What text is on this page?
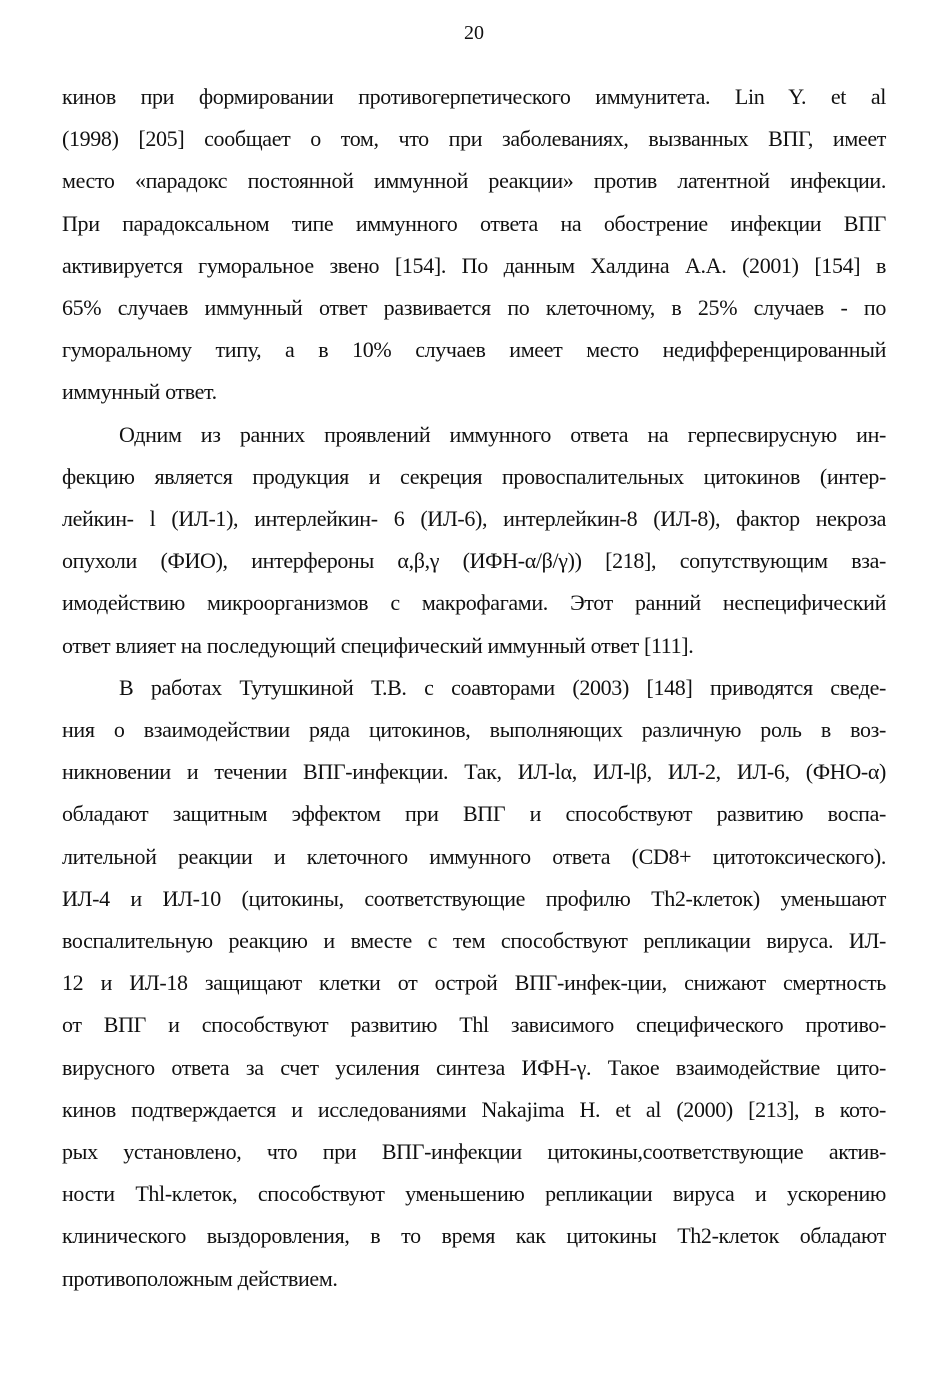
20

кинов при формировании противогерпетического иммунитета. Lin Y. et al
(1998) [205] сообщает о том, что при заболеваниях, вызванных ВПГ, имеет
место «парадокс постоянной иммунной реакции» против латентной инфекции.
При парадоксальном типе иммунного ответа на обострение инфекции ВПГ
активируется гуморальное звено [154]. По данным Халдина А.А. (2001) [154] в
65% случаев иммунный ответ развивается по клеточному, в 25% случаев - по
гуморальному типу, а в 10% случаев имеет место недифференцированный
иммунный ответ.

Одним из ранних проявлений иммунного ответа на герпесвирусную ин-
фекцию является продукция и секреция провоспалительных цитокинов (интер-
лейкин- l (ИЛ-1), интерлейкин- 6 (ИЛ-6), интерлейкин-8 (ИЛ-8), фактор некроза
опухоли (ФИО), интерфероны α,β,γ (ИФН-α/β/γ)) [218], сопутствующим вза-
имодействию микроорганизмов с макрофагами. Этот ранний неспецифический
ответ влияет на последующий специфический иммунный ответ [111].

В работах Тутушкиной Т.В. с соавторами (2003) [148] приводятся сведе-
ния о взаимодействии ряда цитокинов, выполняющих различную роль в воз-
никновении и течении ВПГ-инфекции. Так, ИЛ-lα, ИЛ-lβ, ИЛ-2, ИЛ-6, (ФНО-α)
обладают защитным эффектом при ВПГ и способствуют развитию воспа-
лительной реакции и клеточного иммунного ответа (CD8+ цитотоксического).
ИЛ-4 и ИЛ-10 (цитокины, соответствующие профилю Th2-клеток) уменьшают
воспалительную реакцию и вместе с тем способствуют репликации вируса. ИЛ-
12 и ИЛ-18 защищают клетки от острой ВПГ-инфек-ции, снижают смертность
от ВПГ и способствуют развитию Thl зависимого специфического противо-
вирусного ответа за счет усиления синтеза ИФН-γ. Такое взаимодействие цито-
кинов подтверждается и исследованиями Nakajima H. et al (2000) [213], в кото-
рых установлено, что при ВПГ-инфекции цитокины,соответствующие актив-
ности Thl-клеток, способствуют уменьшению репликации вируса и ускорению
клинического выздоровления, в то время как цитокины Th2-клеток обладают
противоположным действием.
